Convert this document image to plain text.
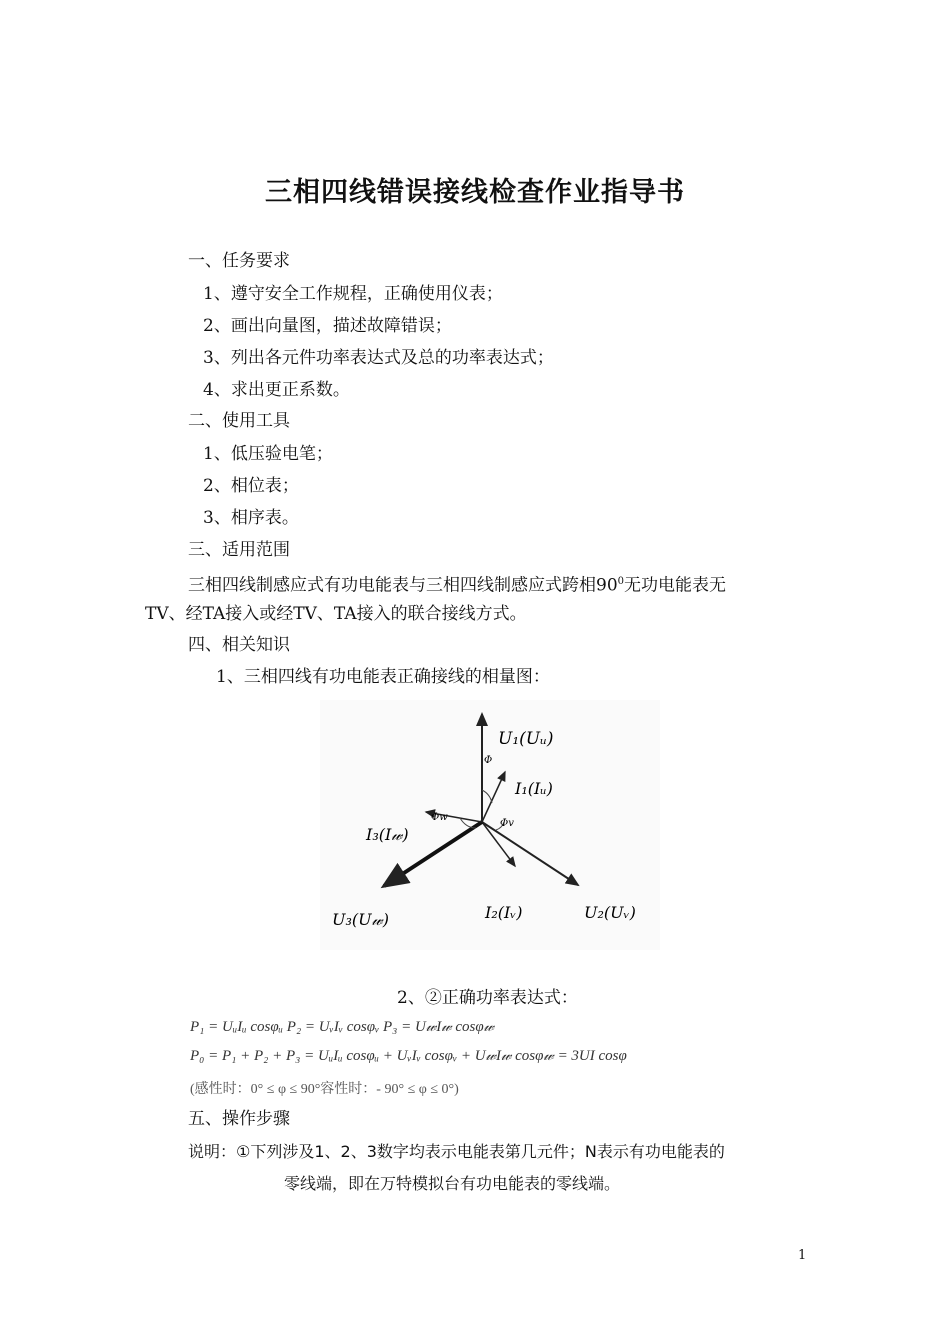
三相四线错误接线检查作业指导书
一、任务要求
1、遵守安全工作规程，正确使用仪表；
2、画出向量图，描述故障错误；
3、列出各元件功率表达式及总的功率表达式；
4、求出更正系数。
二、使用工具
1、低压验电笔；
2、相位表；
3、相序表。
三、适用范围
三相四线制感应式有功电能表与三相四线制感应式跨相$90^0$无功电能表无
TV、经TA接入或经TV、TA接入的联合接线方式。
四、相关知识
1、三相四线有功电能表正确接线的相量图：
U₁(Uᵤ)
I₁(Iᵤ)
I₃(I𝓌)
U₃(U𝓌)	I₂(Iᵥ)	U₂(Uᵥ)
Φ
Φw
Φv
2、②正确功率表达式：
P₁ = UᵤIᵤ cosφᵤ P₂ = UᵥIᵥ cosφᵥ P₃ = U𝓌I𝓌 cosφ𝓌
P₀ = P₁ + P₂ + P₃ = UᵤIᵤ cosφᵤ + UᵥIᵥ cosφᵥ + U𝓌I𝓌 cosφ𝓌 = 3UI cosφ
(感性时：0° ≤ φ ≤ 90°容性时：- 90° ≤ φ ≤ 0°)
五、操作步骤
说明：①下列涉及1、2、3数字均表示电能表第几元件；N表示有功电能表的
零线端，即在万特模拟台有功电能表的零线端。
1
